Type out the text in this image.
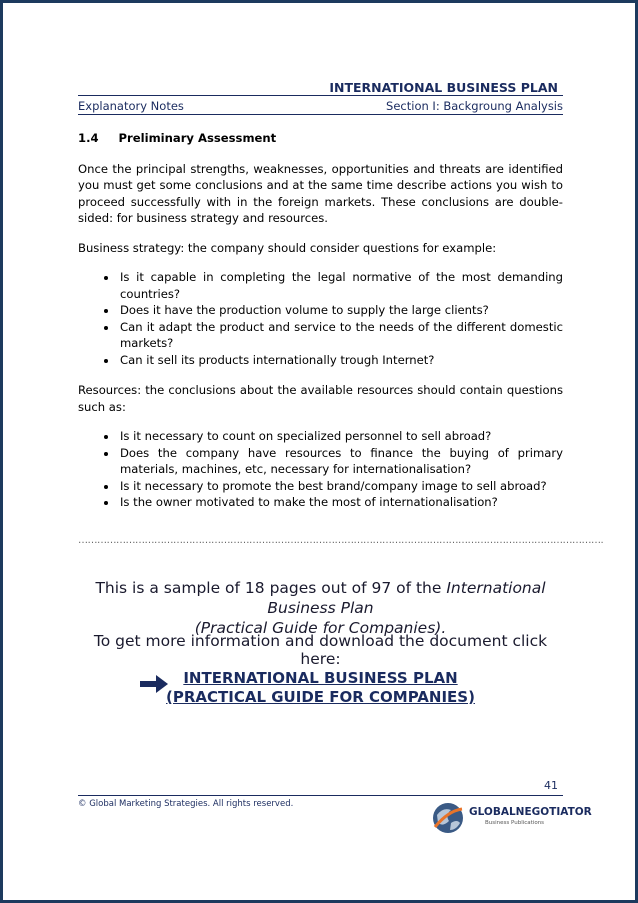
INTERNATIONAL BUSINESS PLAN
Explanatory Notes	Section I: Backgroung Analysis
1.4 Preliminary Assessment

Once the principal strengths, weaknesses, opportunities and threats are identified you must get some conclusions and at the same time describe actions you wish to proceed successfully with in the foreign markets. These conclusions are double-sided: for business strategy and resources.

Business strategy: the company should consider questions for example:

• Is it capable in completing the legal normative of the most demanding countries?
• Does it have the production volume to supply the large clients?
• Can it adapt the product and service to the needs of the different domestic markets?
• Can it sell its products internationally trough Internet?

Resources: the conclusions about the available resources should contain questions such as:

• Is it necessary to count on specialized personnel to sell abroad?
• Does the company have resources to finance the buying of primary materials, machines, etc, necessary for internationalisation?
• Is it necessary to promote the best brand/company image to sell abroad?
• Is the owner motivated to make the most of internationalisation?
………………………………………………………………………………………………………………………………………………….
This is a sample of 18 pages out of 97 of the International Business Plan
(Practical Guide for Companies).
To get more information and download the document click here:
INTERNATIONAL BUSINESS PLAN
(PRACTICAL GUIDE FOR COMPANIES)
41
© Global Marketing Strategies. All rights reserved.
GLOBALNEGOTIATOR
Business Publications
